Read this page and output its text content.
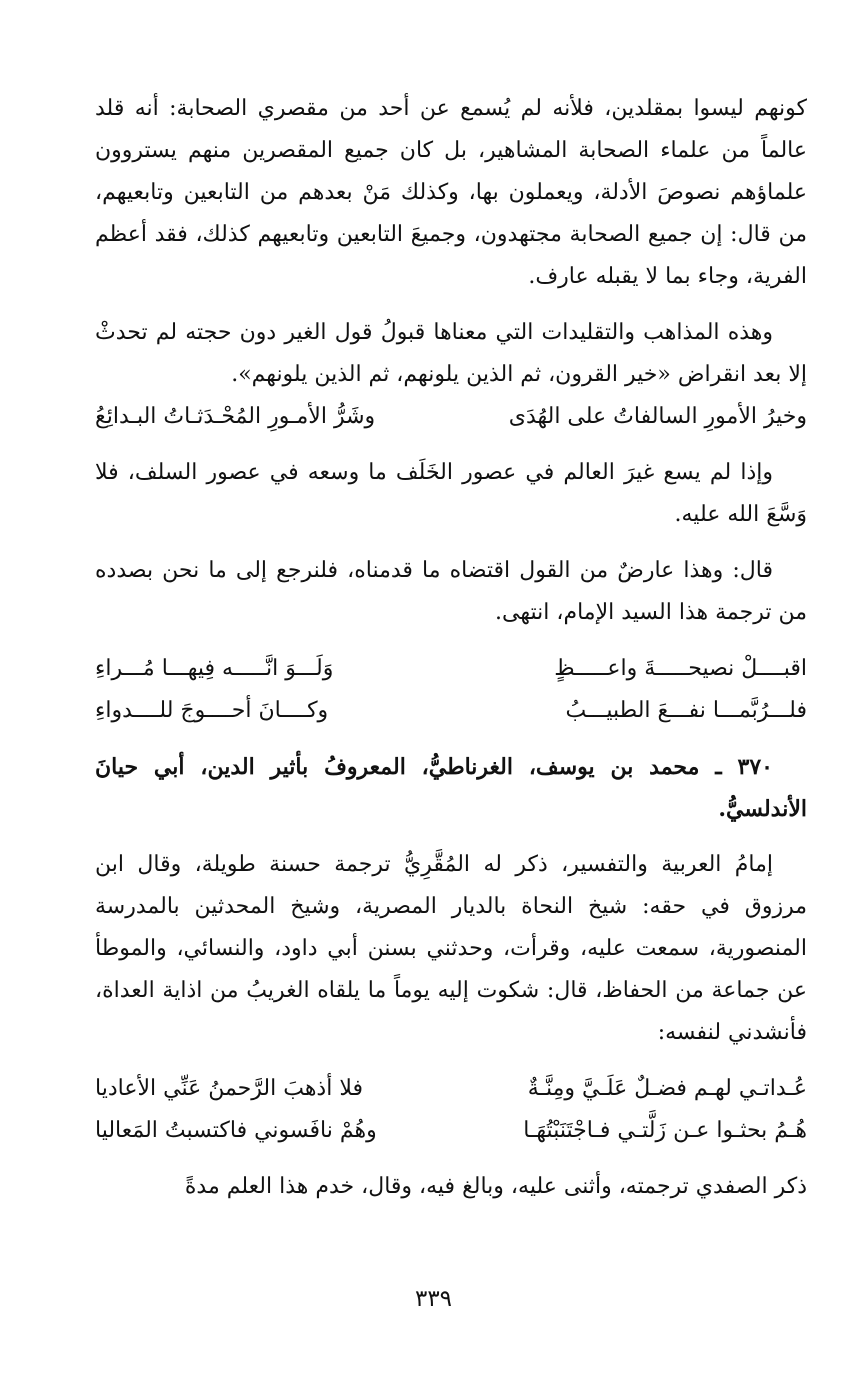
كونهم ليسوا بمقلدين، فلأنه لم يُسمع عن أحد من مقصري الصحابة: أنه قلد عالماً من علماء الصحابة المشاهير، بل كان جميع المقصرين منهم يستروون علماؤهم نصوصَ الأدلة، ويعملون بها، وكذلك مَنْ بعدهم من التابعين وتابعيهم، من قال: إن جميع الصحابة مجتهدون، وجميعَ التابعين وتابعيهم كذلك، فقد أعظم الفرية، وجاء بما لا يقبله عارف.

وهذه المذاهب والتقليدات التي معناها قبولُ قول الغير دون حجته لم تحدثْ إلا بعد انقراض «خير القرون، ثم الذين يلونهم، ثم الذين يلونهم».

وخيرُ الأمورِ السالفاتُ على الهُدَى
وشَرُّ الأمـورِ المُحْـدَثـاتُ البـدائِعُ

وإذا لم يسع غيرَ العالم في عصور الخَلَف ما وسعه في عصور السلف، فلا وَسَّعَ الله عليه.

قال: وهذا عارضٌ من القول اقتضاه ما قدمناه، فلنرجع إلى ما نحن بصدده من ترجمة هذا السيد الإمام، انتهى.

اقبــــلْ نصيحـــــةَ واعـــــظٍ
وَلَـــوَ انَّـــــه فِيهـــا مُـــراءِ
فلـــرُبَّمـــا نفـــعَ الطبيـــبُ
وكــــانَ أحــــوجَ للــــدواءِ

٣٧٠ ـ محمد بن يوسف، الغرناطيُّ، المعروفُ بأثير الدين، أبي حيانَ الأندلسيُّ.

إمامُ العربية والتفسير، ذكر له المُقَّرِيُّ ترجمة حسنة طويلة، وقال ابن مرزوق في حقه: شيخ النحاة بالديار المصرية، وشيخ المحدثين بالمدرسة المنصورية، سمعت عليه، وقرأت، وحدثني بسنن أبي داود، والنسائي، والموطأ عن جماعة من الحفاظ، قال: شكوت إليه يوماً ما يلقاه الغريبُ من اذاية العداة، فأنشدني لنفسه:

عُـداتـي لهـم فضـلٌ عَلَـيَّ ومِنَّـةٌ
فلا أذهبَ الرَّحمنُ عَنِّي الأعاديا
هُـمُ بحثـوا عـن زَلَّتـي فـاجْتَنَبْتُهَـا
وهُمْ نافَسوني فاكتسبتُ المَعاليا

ذكر الصفدي ترجمته، وأثنى عليه، وبالغ فيه، وقال، خدم هذا العلم مدةً

٣٣٩
